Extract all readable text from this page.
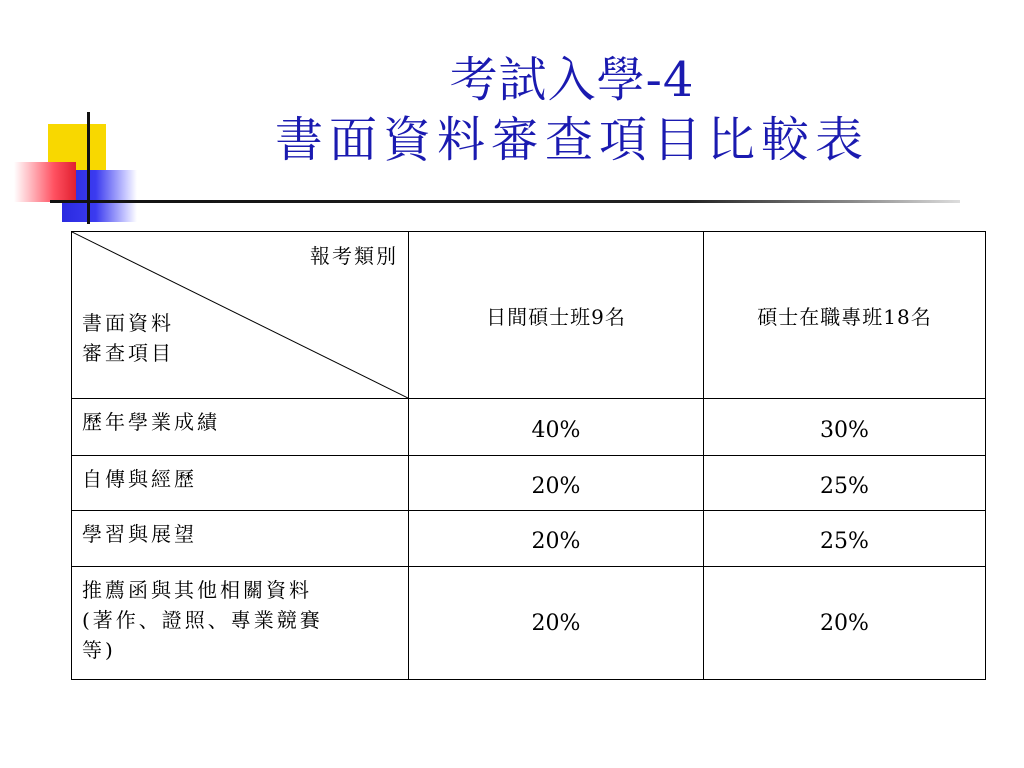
考試入學-4
書面資料審查項目比較表
報考類別
書面資料
審查項目	日間碩士班9名	碩士在職專班18名

歷年學業成績	40%	30%

自傳與經歷	20%	25%

學習與展望	20%	25%

推薦函與其他相關資料
(著作、證照、專業競賽
等)	20%	20%
